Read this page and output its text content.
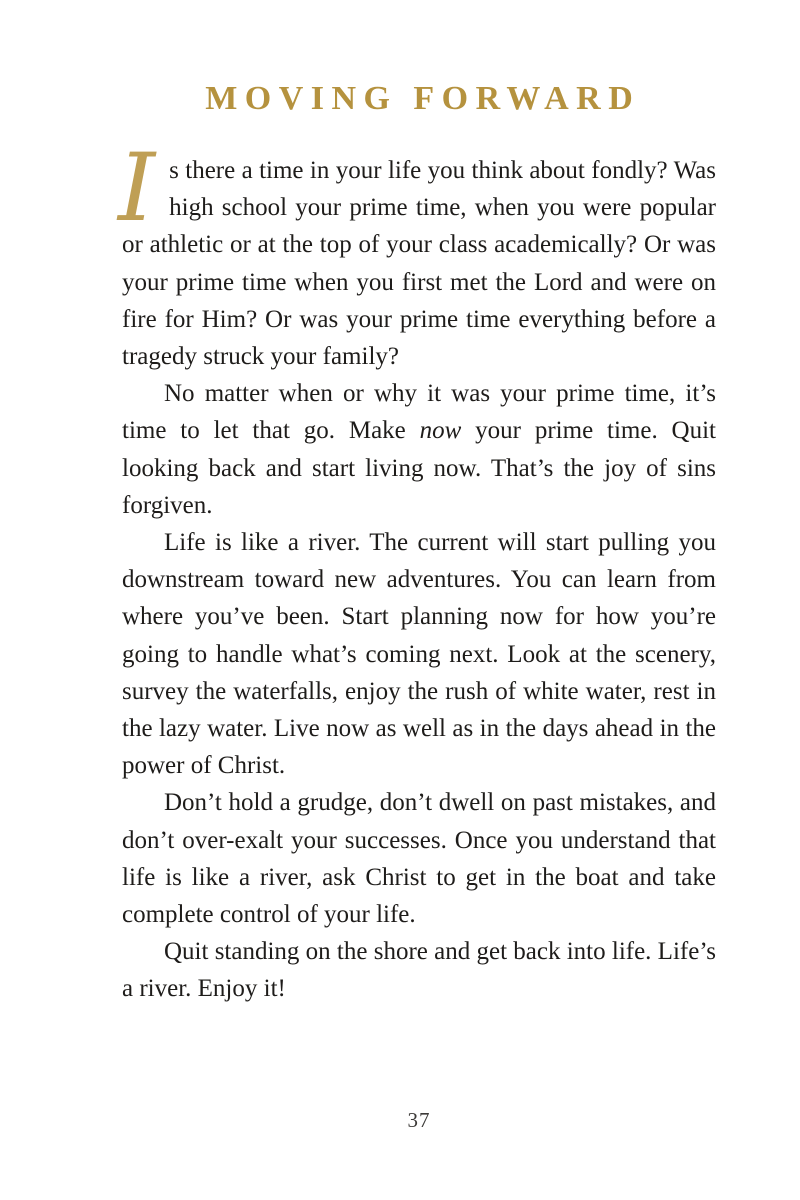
MOVING FORWARD

Is there a time in your life you think about fondly? Was high school your prime time, when you were popular or athletic or at the top of your class academically? Or was your prime time when you first met the Lord and were on fire for Him? Or was your prime time everything before a tragedy struck your family?

No matter when or why it was your prime time, it’s time to let that go. Make now your prime time. Quit looking back and start living now. That’s the joy of sins forgiven.

Life is like a river. The current will start pulling you downstream toward new adventures. You can learn from where you’ve been. Start planning now for how you’re going to handle what’s coming next. Look at the scenery, survey the waterfalls, enjoy the rush of white water, rest in the lazy water. Live now as well as in the days ahead in the power of Christ.

Don’t hold a grudge, don’t dwell on past mistakes, and don’t over-exalt your successes. Once you understand that life is like a river, ask Christ to get in the boat and take complete control of your life.

Quit standing on the shore and get back into life. Life’s a river. Enjoy it!

37
